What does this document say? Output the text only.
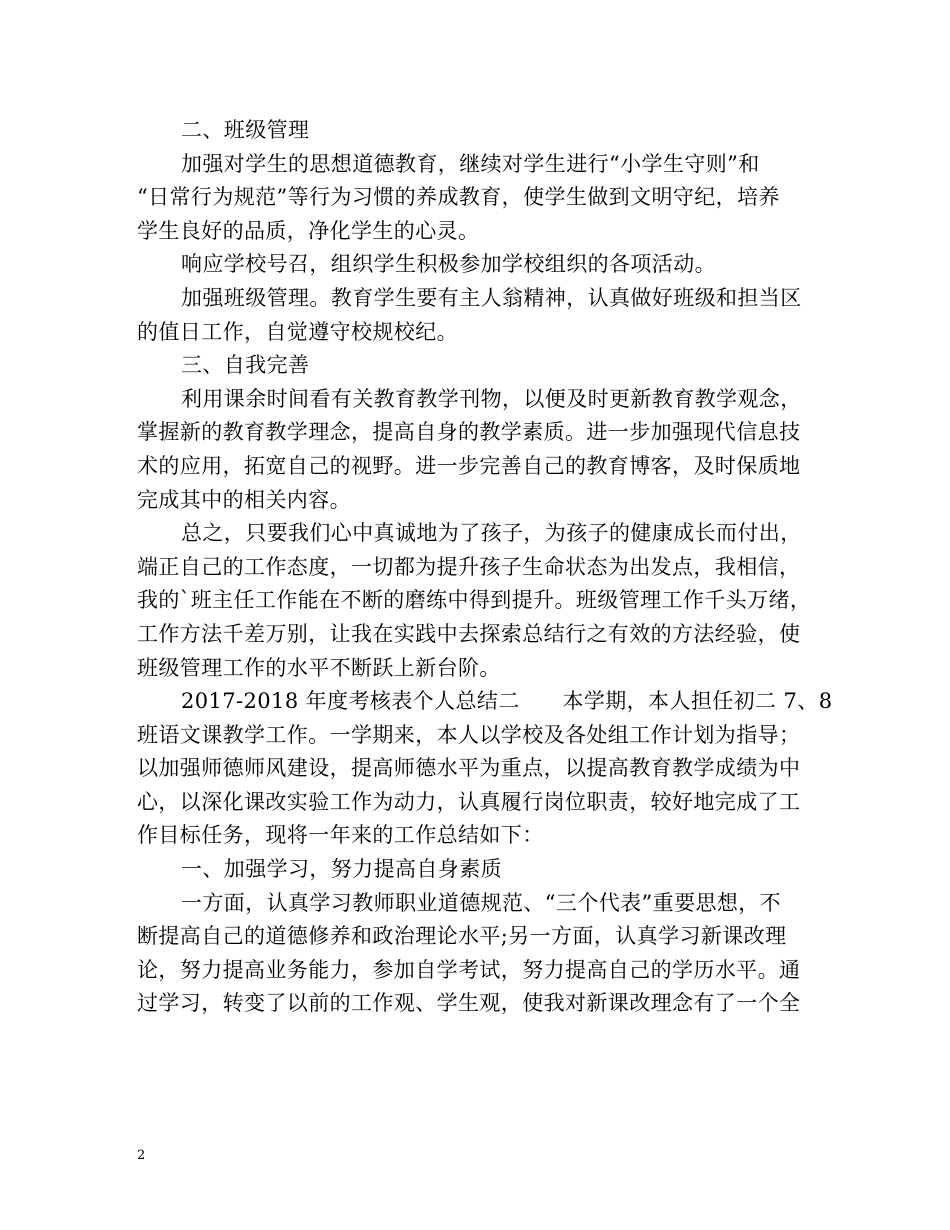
二、班级管理
加强对学生的思想道德教育，继续对学生进行“小学生守则”和
“日常行为规范”等行为习惯的养成教育，使学生做到文明守纪，培养
学生良好的品质，净化学生的心灵。
响应学校号召，组织学生积极参加学校组织的各项活动。
加强班级管理。教育学生要有主人翁精神，认真做好班级和担当区
的值日工作，自觉遵守校规校纪。
三、自我完善
利用课余时间看有关教育教学刊物，以便及时更新教育教学观念，
掌握新的教育教学理念，提高自身的教学素质。进一步加强现代信息技
术的应用，拓宽自己的视野。进一步完善自己的教育博客，及时保质地
完成其中的相关内容。
总之，只要我们心中真诚地为了孩子，为孩子的健康成长而付出，
端正自己的工作态度，一切都为提升孩子生命状态为出发点，我相信，
我的`班主任工作能在不断的磨练中得到提升。班级管理工作千头万绪，
工作方法千差万别，让我在实践中去探索总结行之有效的方法经验，使
班级管理工作的水平不断跃上新台阶。
2017-2018 年度考核表个人总结二　　本学期，本人担任初二 7、8
班语文课教学工作。一学期来，本人以学校及各处组工作计划为指导；
以加强师德师风建设，提高师德水平为重点，以提高教育教学成绩为中
心，以深化课改实验工作为动力，认真履行岗位职责，较好地完成了工
作目标任务，现将一年来的工作总结如下：
一、加强学习，努力提高自身素质
一方面，认真学习教师职业道德规范、“三个代表”重要思想，不
断提高自己的道德修养和政治理论水平;另一方面，认真学习新课改理
论，努力提高业务能力，参加自学考试，努力提高自己的学历水平。通
过学习，转变了以前的工作观、学生观，使我对新课改理念有了一个全
2
